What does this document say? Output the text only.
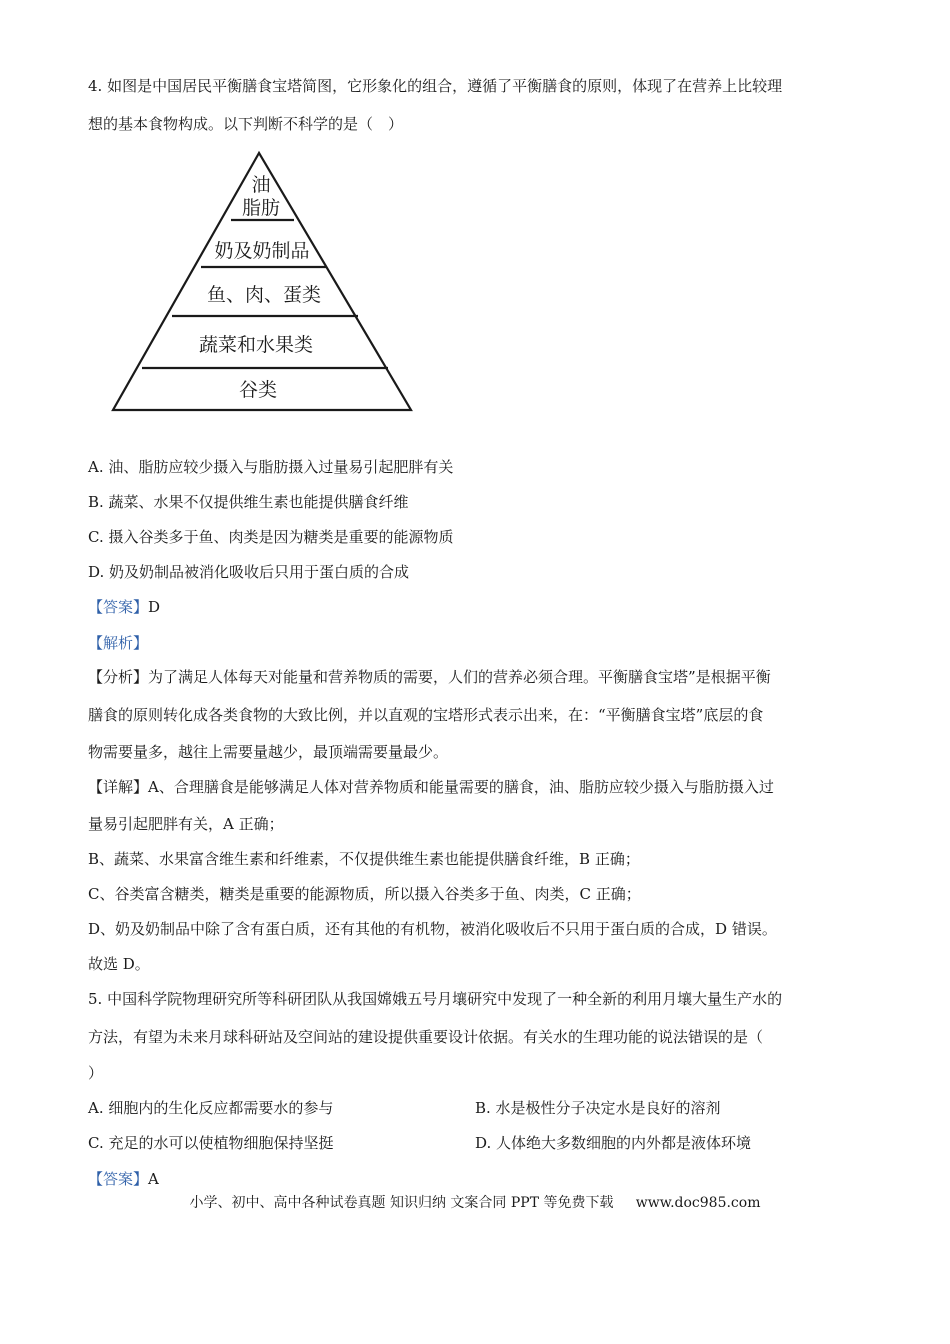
4. 如图是中国居民平衡膳食宝塔简图，它形象化的组合，遵循了平衡膳食的原则，体现了在营养上比较理
想的基本食物构成。以下判断不科学的是（　）
油
脂肪
奶及奶制品
鱼、肉、蛋类
蔬菜和水果类
谷类
A. 油、脂肪应较少摄入与脂肪摄入过量易引起肥胖有关
B. 蔬菜、水果不仅提供维生素也能提供膳食纤维
C. 摄入谷类多于鱼、肉类是因为糖类是重要的能源物质
D. 奶及奶制品被消化吸收后只用于蛋白质的合成
【答案】D
【解析】
【分析】为了满足人体每天对能量和营养物质的需要，人们的营养必须合理。平衡膳食宝塔”是根据平衡
膳食的原则转化成各类食物的大致比例，并以直观的宝塔形式表示出来，在：“平衡膳食宝塔”底层的食
物需要量多，越往上需要量越少，最顶端需要量最少。
【详解】A、合理膳食是能够满足人体对营养物质和能量需要的膳食，油、脂肪应较少摄入与脂肪摄入过
量易引起肥胖有关，A 正确；
B、蔬菜、水果富含维生素和纤维素，不仅提供维生素也能提供膳食纤维，B 正确；
C、谷类富含糖类，糖类是重要的能源物质，所以摄入谷类多于鱼、肉类，C 正确；
D、奶及奶制品中除了含有蛋白质，还有其他的有机物，被消化吸收后不只用于蛋白质的合成，D 错误。
故选 D。
5. 中国科学院物理研究所等科研团队从我国嫦娥五号月壤研究中发现了一种全新的利用月壤大量生产水的
方法，有望为未来月球科研站及空间站的建设提供重要设计依据。有关水的生理功能的说法错误的是（
）
A. 细胞内的生化反应都需要水的参与	B. 水是极性分子决定水是良好的溶剂
C. 充足的水可以使植物细胞保持坚挺	D. 人体绝大多数细胞的内外都是液体环境
【答案】A
小学、初中、高中各种试卷真题 知识归纳 文案合同 PPT 等免费下载 www.doc985.com
